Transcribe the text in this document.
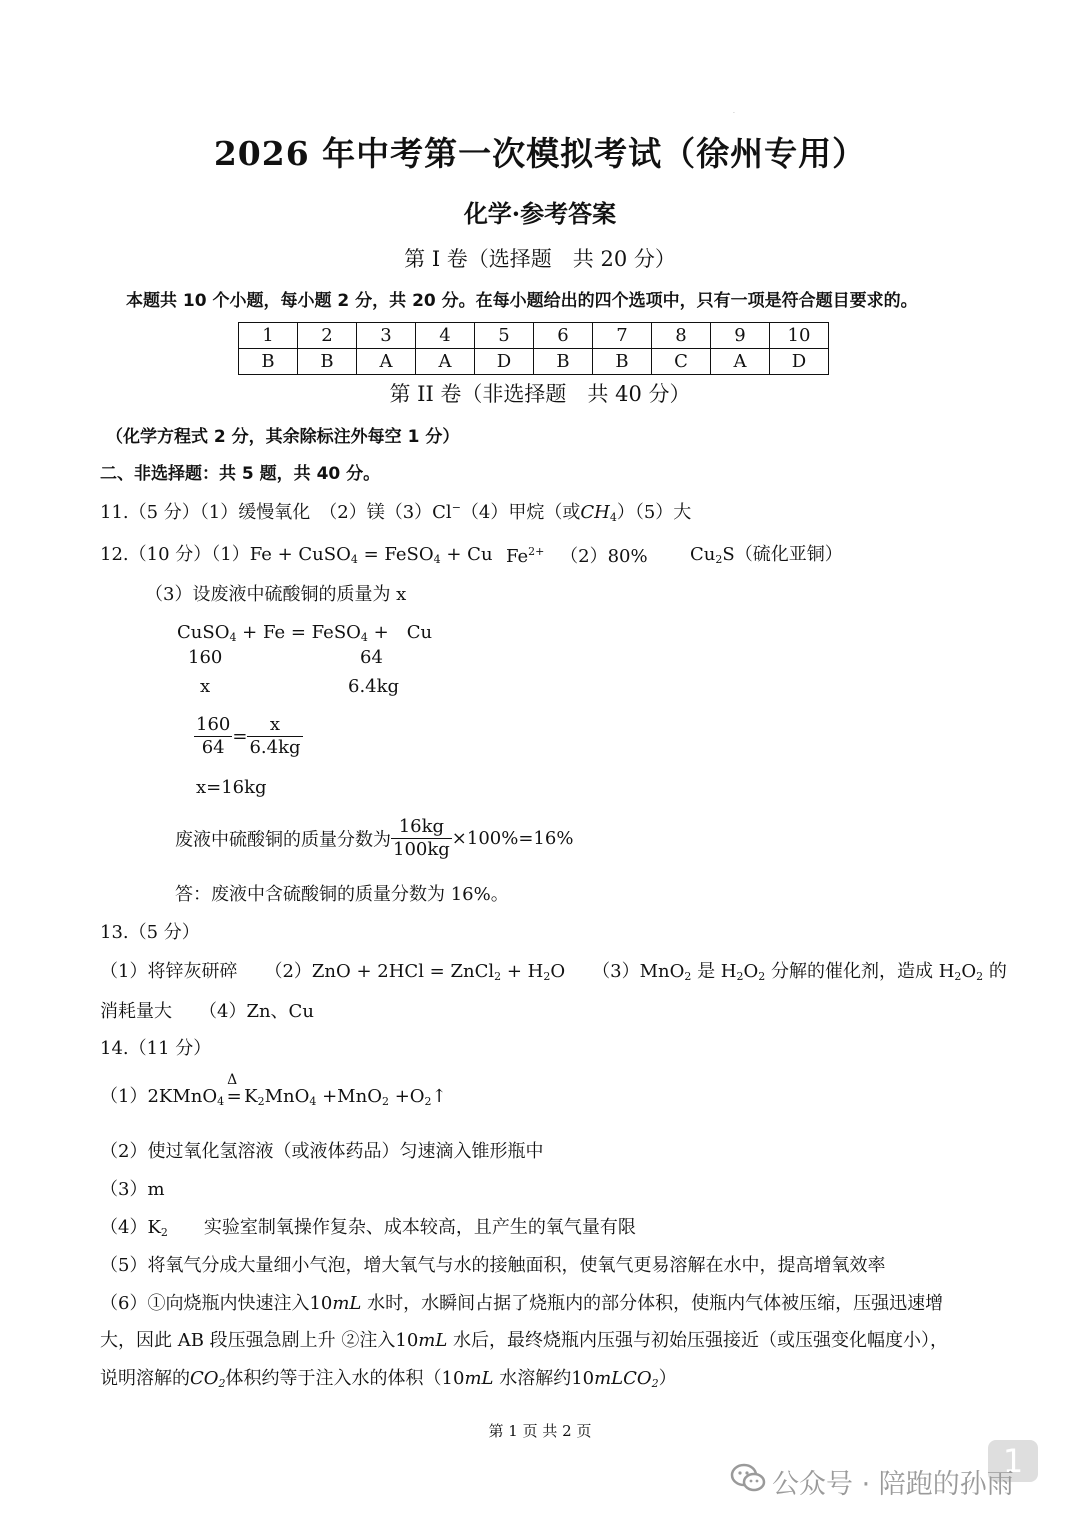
·
2026 年中考第一次模拟考试（徐州专用）
化学·参考答案
第 I 卷（选择题　共 20 分）
本题共 10 个小题，每小题 2 分，共 20 分。在每小题给出的四个选项中，只有一项是符合题目要求的。
1	2	3	4	5	6	7	8	9	10
B	B	A	A	D	B	B	C	A	D
第 II 卷（非选择题　共 40 分）
（化学方程式 2 分，其余除标注外每空 1 分）
二、非选择题：共 5 题，共 40 分。
11.（5 分）（1）缓慢氧化　（2）镁（3）Cl−（4）甲烷（或$CH_4)(5)$大
12.（10 分）（1）Fe + CuSO$_4$ = FeSO$_4$ + Cu $Fe^{2+}$ （2）80% $Cu_2S$（硫化亚铜）
（3）设废液中硫酸铜的质量为 x
CuSO$_4$ + Fe = FeSO$_4$ +　Cu
160	64
x	6.4kg
$\frac{160}{64} = \frac{x}{6.4kg}$
x=16kg
废液中硫酸铜的质量分数为 $\frac{16kg}{100kg} \times 100\%=16\%$
答：废液中含硫酸铜的质量分数为 16%。
13.（5 分）
（1）将锌灰研碎　　（2）ZnO + 2HCl = ZnCl$_2$ + $H_2O$　　（3）MnO$_2$ 是 $H_2O_2$ 分解的催化剂，造成 $H_2O_2$ 的
消耗量大　　（4）Zn、Cu
14.（11 分）
（1）2KMnO$_4$
Δ
= $K_2MnO_4 +MnO_2$ $+O_2↑$
（2）使过氧化氢溶液（或液体药品）匀速滴入锥形瓶中
（3）m
$(4)K_2$　　实验室制氧操作复杂、成本较高，且产生的氧气量有限
（5）将氧气分成大量细小气泡，增大氧气与水的接触面积，使氧气更易溶解在水中，提高增氧效率
（6）①向烧瓶内快速注入10mL 水时，水瞬间占据了烧瓶内的部分体积，使瓶内气体被压缩，压强迅速增
大，因此 AB 段压强急剧上升 ②注入10mL 水后，最终烧瓶内压强与初始压强接近（或压强变化幅度小），
说明溶解的$CO_2$体积约等于注入水的体积（10mL 水溶解约10mLCO$_2$）
第 1 页 共 2 页
1
公众号 · 陪跑的孙雨
